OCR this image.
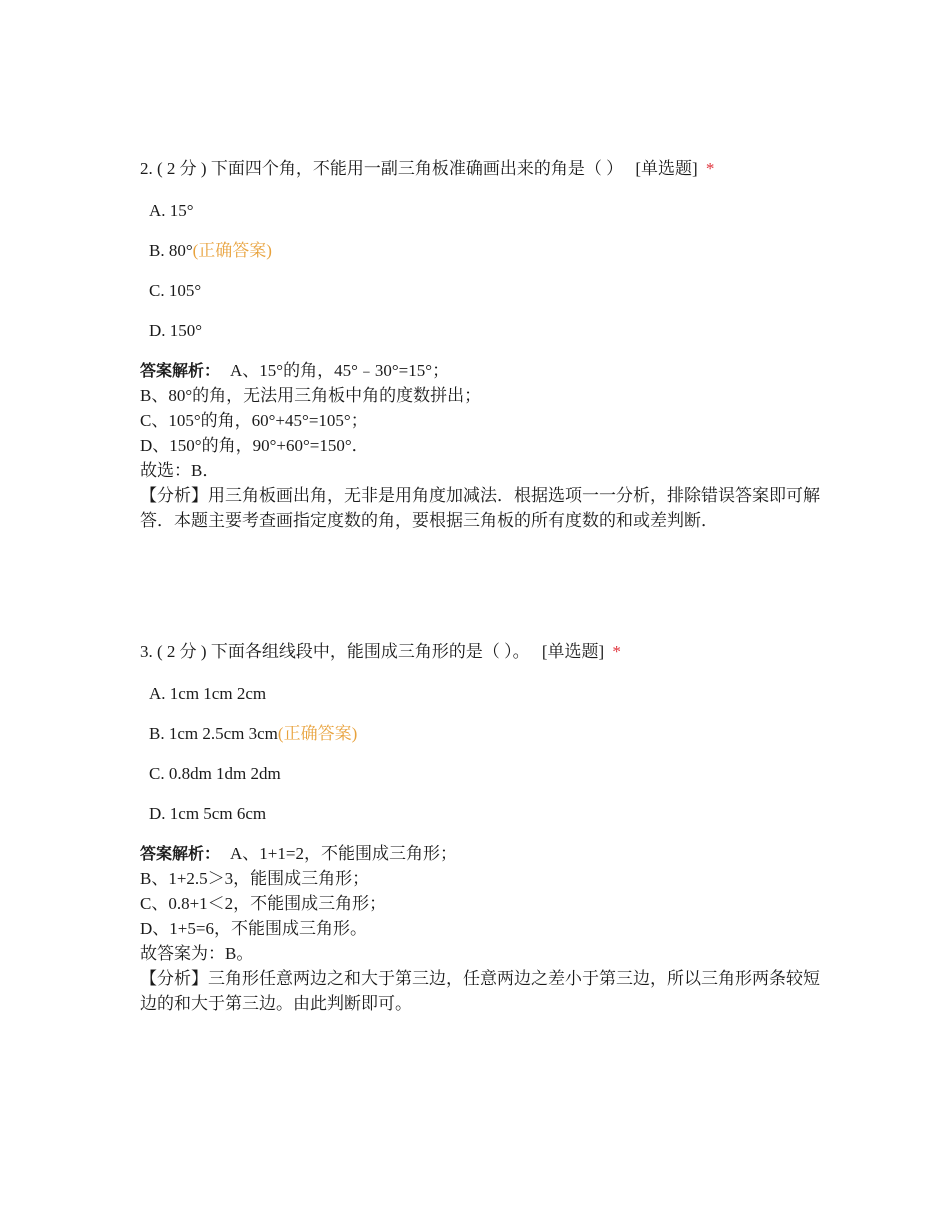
2. ( 2 分 ) 下面四个角，不能用一副三角板准确画出来的角是（ ） [单选题] *
A. 15°
B. 80°(正确答案)
C. 105°
D. 150°
答案解析： A、15°的角，45°﹣30°=15°；
B、80°的角，无法用三角板中角的度数拼出；
C、105°的角，60°+45°=105°；
D、150°的角，90°+60°=150°．
故选：B．
【分析】用三角板画出角，无非是用角度加减法．根据选项一一分析，排除错误答案即可解答．本题主要考查画指定度数的角，要根据三角板的所有度数的和或差判断．
3. ( 2 分 ) 下面各组线段中，能围成三角形的是（ ）。 [单选题] *
A. 1cm 1cm 2cm
B. 1cm 2.5cm 3cm(正确答案)
C. 0.8dm 1dm 2dm
D. 1cm 5cm 6cm
答案解析： A、1+1=2，不能围成三角形；
B、1+2.5＞3，能围成三角形；
C、0.8+1＜2，不能围成三角形；
D、1+5=6，不能围成三角形。
故答案为：B。
【分析】三角形任意两边之和大于第三边，任意两边之差小于第三边，所以三角形两条较短边的和大于第三边。由此判断即可。
